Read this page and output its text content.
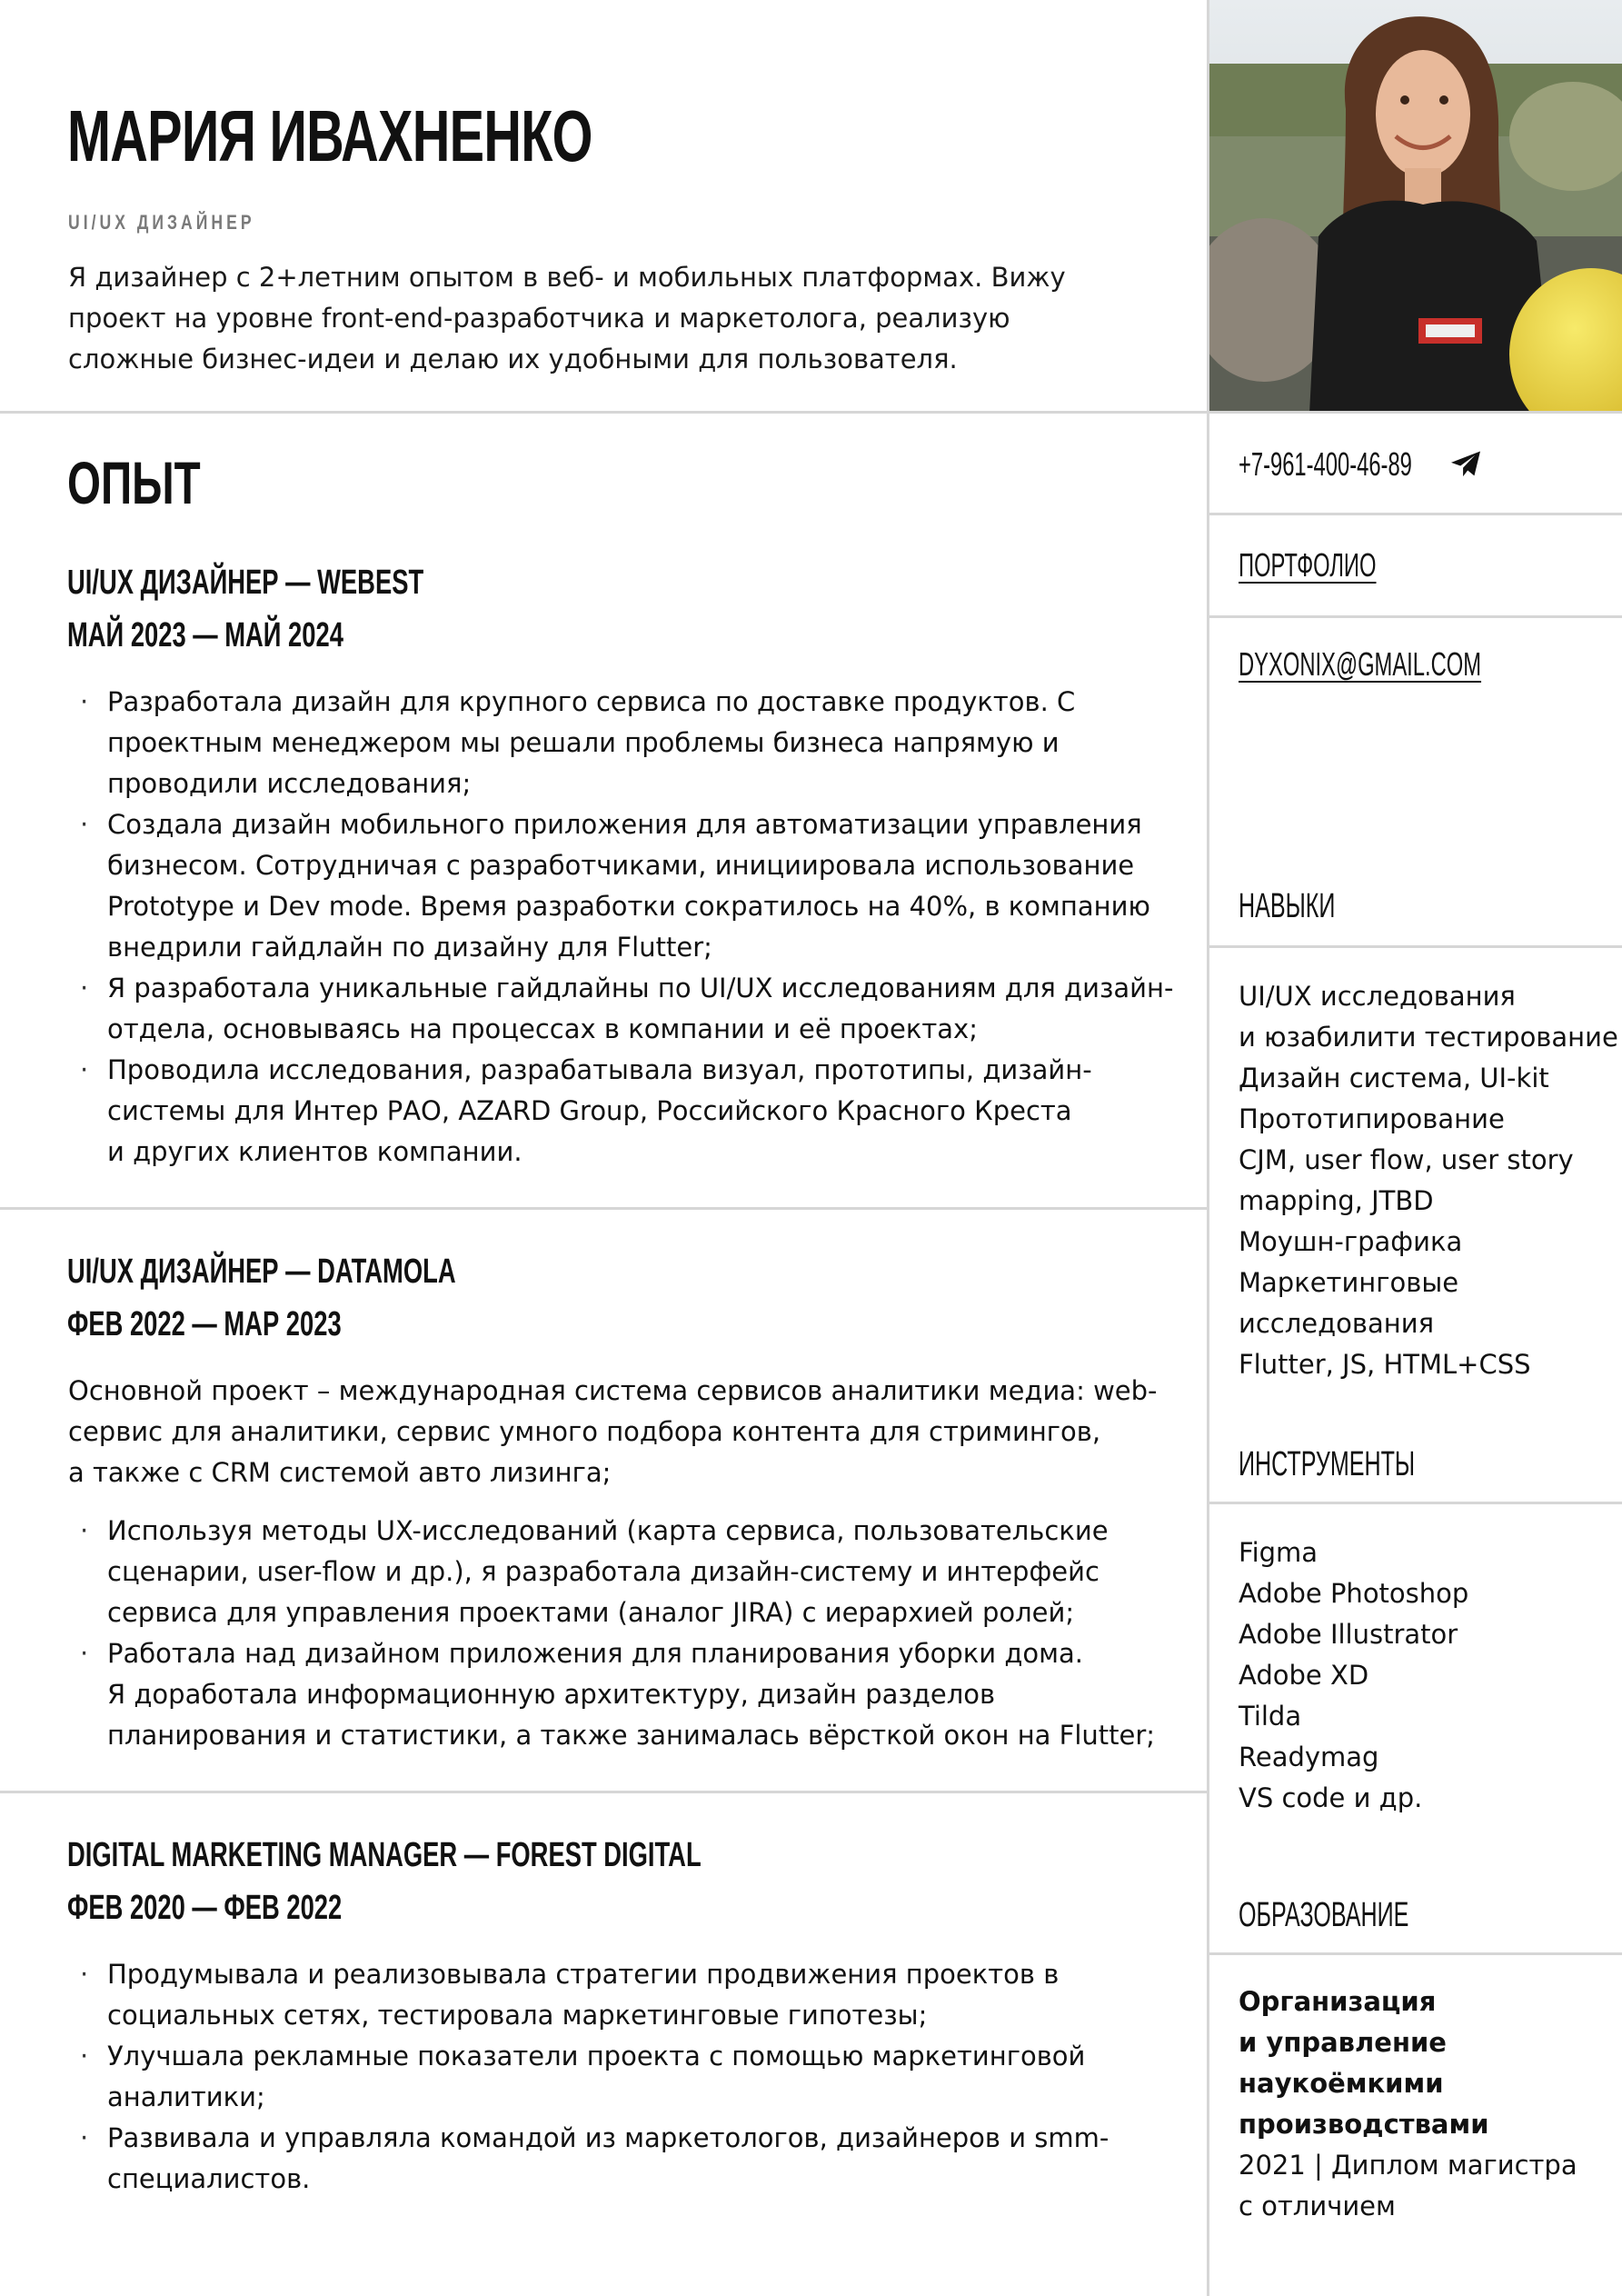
МАРИЯ ИВАХНЕНКО
UI/UX ДИЗАЙНЕР
Я дизайнер с 2+летним опытом в веб- и мобильных платформах. Вижу
проект на уровне front-end-разработчика и маркетолога, реализую
сложные бизнес-идеи и делаю их удобными для пользователя.
ОПЫТ
UI/UX ДИЗАЙНЕР — WEBEST
МАЙ 2023 — МАЙ 2024
· Разработала дизайн для крупного сервиса по доставке продуктов. С
проектным менеджером мы решали проблемы бизнеса напрямую и
проводили исследования;
· Создала дизайн мобильного приложения для автоматизации управления
бизнесом. Сотрудничая с разработчиками, инициировала использование
Prototype и Dev mode. Время разработки сократилось на 40%, в компанию
внедрили гайдлайн по дизайну для Flutter;
· Я разработала уникальные гайдлайны по UI/UX исследованиям для дизайн-
отдела, основываясь на процессах в компании и её проектах;
· Проводила исследования, разрабатывала визуал, прототипы, дизайн-
системы для Интер РАО, AZARD Group, Российского Красного Креста
и других клиентов компании.
UI/UX ДИЗАЙНЕР — DATAMOLA
ФЕВ 2022 — МАР 2023
Основной проект – международная система сервисов аналитики медиа: web-
сервис для аналитики, сервис умного подбора контента для стримингов,
а также с CRM системой авто лизинга;
· Используя методы UX-исследований (карта сервиса, пользовательские
сценарии, user-flow и др.), я разработала дизайн-систему и интерфейс
сервиса для управления проектами (аналог JIRA) с иерархией ролей;
· Работала над дизайном приложения для планирования уборки дома.
Я доработала информационную архитектуру, дизайн разделов
планирования и статистики, а также занималась вёрсткой окон на Flutter;
DIGITAL MARKETING MANAGER — FOREST DIGITAL
ФЕВ 2020 — ФЕВ 2022
· Продумывала и реализовывала стратегии продвижения проектов в
социальных сетях, тестировала маркетинговые гипотезы;
· Улучшала рекламные показатели проекта с помощью маркетинговой
аналитики;
· Развивала и управляла командой из маркетологов, дизайнеров и smm-
специалистов.
+7-961-400-46-89
ПОРТФОЛИО
DYXONIX@GMAIL.COM
НАВЫКИ
UI/UX исследования
и юзабилити тестирование
Дизайн система, UI-kit
Прототипирование
CJM, user flow, user story
mapping, JTBD
Моушн-графика
Маркетинговые
исследования
Flutter, JS, HTML+CSS
ИНСТРУМЕНТЫ
Figma
Adobe Photoshop
Adobe Illustrator
Adobe XD
Tilda
Readymag
VS code и др.
ОБРАЗОВАНИЕ
Организация
и управление
наукоёмкими
производствами
2021 | Диплом магистра
с отличием
